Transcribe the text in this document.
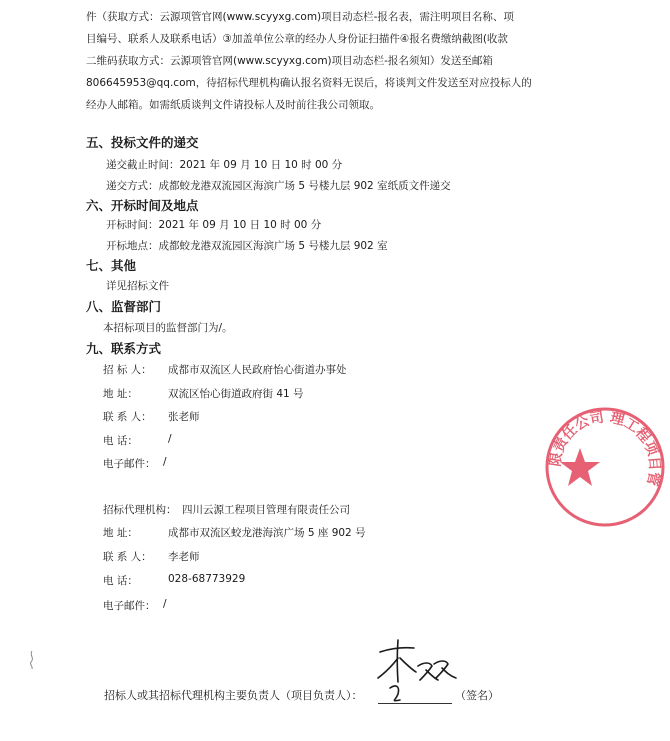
件（获取方式：云源项管官网(www.scyyxg.com)项目动态栏-报名表，需注明项目名称、项

目编号、联系人及联系电话）③加盖单位公章的经办人身份证扫描件④报名费缴纳截图(收款

二维码获取方式：云源项管官网(www.scyyxg.com)项目动态栏-报名须知）发送至邮箱

806645953@qq.com，待招标代理机构确认报名资料无误后，将谈判文件发送至对应投标人的

经办人邮箱。如需纸质谈判文件请投标人及时前往我公司领取。

五、投标文件的递交
递交截止时间：2021 年 09 月 10 日 10 时 00 分
递交方式：成都蛟龙港双流园区海滨广场 5 号楼九层 902 室纸质文件递交
六、开标时间及地点
开标时间：2021 年 09 月 10 日 10 时 00 分
开标地点：成都蛟龙港双流园区海滨广场 5 号楼九层 902 室
七、其他
详见招标文件
八、监督部门
本招标项目的监督部门为/。
九、联系方式
招 标 人： 成都市双流区人民政府怡心街道办事处
地 址：	双流区怡心街道政府街 41 号
联 系 人： 张老师
电 话：	/
电子邮件： /
招标代理机构： 四川云源工程项目管理有限责任公司
地 址：	成都市双流区蛟龙港海滨广场 5 座 902 号
联 系 人： 李老师
电 话：	028-68773929
电子邮件： /
招标人或其招标代理机构主要负责人（项目负责人）：	（签名）
限责任公司 理工程项目管
